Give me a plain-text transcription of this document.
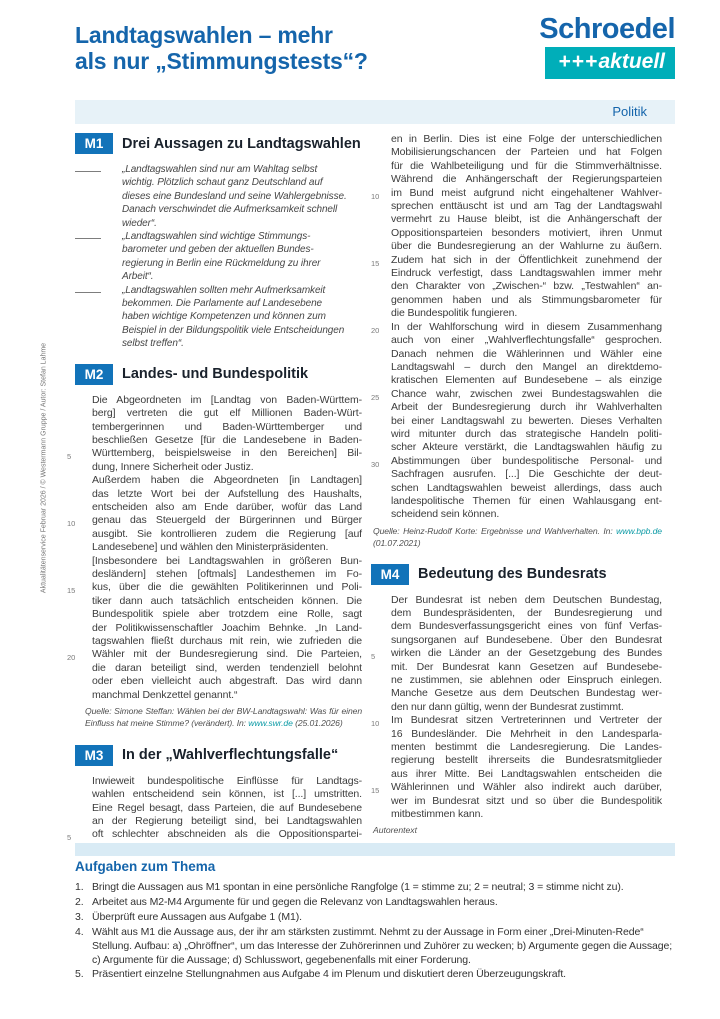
Aktualitätenservice Februar 2026 / © Westermann Gruppe / Autor: Stefan Lahme
Landtagswahlen – mehr
als nur „Stimmungstests“?
Schroedel
+++aktuell
Politik
M1	Drei Aussagen zu Landtagswahlen
„Landtagswahlen sind nur am Wahltag selbst
wichtig. Plötzlich schaut ganz Deutschland auf
dieses eine Bundesland und seine Wahlergebnisse.
Danach verschwindet die Aufmerksamkeit schnell
wieder“.
„Landtagswahlen sind wichtige Stimmungs-
barometer und geben der aktuellen Bundes-
regierung in Berlin eine Rückmeldung zu ihrer
Arbeit“.
„Landtagswahlen sollten mehr Aufmerksamkeit
bekommen. Die Parlamente auf Landesebene
haben wichtige Kompetenzen und können zum
Beispiel in der Bildungspolitik viele Entscheidungen
selbst treffen“.
M2	Landes- und Bundespolitik
Die Abgeordneten im [Landtag von Baden-Württem-
berg] vertreten die gut elf Millionen Baden-Würt-
tembergerinnen und Baden-Württemberger und
beschließen Gesetze [für die Landesebene in Baden-
5	Württemberg, beispielsweise in den Bereichen] Bil-
dung, Innere Sicherheit oder Justiz.
Außerdem haben die Abgeordneten [in Landtagen]
das letzte Wort bei der Aufstellung des Haushalts,
entscheiden also am Ende darüber, wofür das Land
10	genau das Steuergeld der Bürgerinnen und Bürger
ausgibt. Sie kontrollieren zudem die Regierung [auf
Landesebene] und wählen den Ministerpräsidenten.
[Insbesondere bei Landtagswahlen in größeren Bun-
desländern] stehen [oftmals] Landesthemen im Fo-
15	kus, über die die gewählten Politikerinnen und Poli-
tiker dann auch tatsächlich entscheiden können. Die
Bundespolitik spiele aber trotzdem eine Rolle, sagt
der Politikwissenschaftler Joachim Behnke. „In Land-
tagswahlen fließt durchaus mit rein, wie zufrieden die
20	Wähler mit der Bundesregierung sind. Die Parteien,
die daran beteiligt sind, werden tendenziell belohnt
oder eben vielleicht auch abgestraft. Das wird dann
manchmal Denkzettel genannt.“
Quelle: Simone Steffan: Wählen bei der BW-Landtagswahl: Was für einen Einfluss hat meine Stimme? (verändert). In: www.swr.de (25.01.2026)
M3	In der „Wahlverflechtungsfalle“
Inwieweit bundespolitische Einflüsse für Landtags-
wahlen entscheidend sein können, ist [...] umstritten.
Eine Regel besagt, dass Parteien, die auf Bundesebene
an der Regierung beteiligt sind, bei Landtagswahlen
5	oft schlechter abschneiden als die Oppositionspartei-
en in Berlin. Dies ist eine Folge der unterschiedlichen
Mobilisierungschancen der Parteien und hat Folgen
für die Wahlbeteiligung und für die Stimmverhältnisse.
Während die Anhängerschaft der Regierungsparteien
10	im Bund meist aufgrund nicht eingehaltener Wahlver-
sprechen enttäuscht ist und am Tag der Landtagswahl
vermehrt zu Hause bleibt, ist die Anhängerschaft der
Oppositionsparteien besonders motiviert, ihren Unmut
über die Bundesregierung an der Wahlurne zu äußern.
15	Zudem hat sich in der Öffentlichkeit zunehmend der
Eindruck verfestigt, dass Landtagswahlen immer mehr
den Charakter von „Zwischen-“ bzw. „Testwahlen“ an-
genommen haben und als Stimmungsbarometer für
die Bundespolitik fungieren.
20	In der Wahlforschung wird in diesem Zusammenhang
auch von einer „Wahlverflechtungsfalle“ gesprochen.
Danach nehmen die Wählerinnen und Wähler eine
Landtagswahl – durch den Mangel an direktdemo-
kratischen Elementen auf Bundesebene – als einzige
25	Chance wahr, zwischen zwei Bundestagswahlen die
Arbeit der Bundesregierung durch ihr Wahlverhalten
bei einer Landtagswahl zu bewerten. Dieses Verhalten
wird mitunter durch das strategische Handeln politi-
scher Akteure verstärkt, die Landtagswahlen häufig zu
30	Abstimmungen über bundespolitische Personal- und
Sachfragen ausrufen. [...] Die Geschichte der deut-
schen Landtagswahlen beweist allerdings, dass auch
landespolitische Themen für einen Wahlausgang ent-
scheidend sein können.
Quelle: Heinz-Rudolf Korte: Ergebnisse und Wahlverhalten. In: www.bpb.de (01.07.2021)
M4	Bedeutung des Bundesrats
Der Bundesrat ist neben dem Deutschen Bundestag,
dem Bundespräsidenten, der Bundesregierung und
dem Bundesverfassungsgericht eines von fünf Verfas-
sungsorganen auf Bundesebene. Über den Bundesrat
5	wirken die Länder an der Gesetzgebung des Bundes
mit. Der Bundesrat kann Gesetzen auf Bundesebe-
ne zustimmen, sie ablehnen oder Einspruch einlegen.
Manche Gesetze aus dem Deutschen Bundestag wer-
den nur dann gültig, wenn der Bundesrat zustimmt.
10	Im Bundesrat sitzen Vertreterinnen und Vertreter der
16 Bundesländer. Die Mehrheit in den Landesparla-
menten bestimmt die Landesregierung. Die Landes-
regierung bestellt ihrerseits die Bundesratsmitglieder
aus ihrer Mitte. Bei Landtagswahlen entscheiden die
15	Wählerinnen und Wähler also indirekt auch darüber,
wer im Bundesrat sitzt und so über die Bundespolitik
mitbestimmen kann.
Autorentext
Aufgaben zum Thema
1. Bringt die Aussagen aus M1 spontan in eine persönliche Rangfolge (1 = stimme zu; 2 = neutral; 3 = stimme nicht zu).
2. Arbeitet aus M2-M4 Argumente für und gegen die Relevanz von Landtagswahlen heraus.
3. Überprüft eure Aussagen aus Aufgabe 1 (M1).
4. Wählt aus M1 die Aussage aus, der ihr am stärksten zustimmt. Nehmt zu der Aussage in Form einer „Drei-Minuten-Rede“ Stellung. Aufbau: a) „Ohröffner“, um das Interesse der Zuhörerinnen und Zuhörer zu wecken; b) Argumente gegen die Aussage; c) Argumente für die Aussage; d) Schlusswort, gegebenenfalls mit einer Forderung.
5. Präsentiert einzelne Stellungnahmen aus Aufgabe 4 im Plenum und diskutiert deren Überzeugungskraft.
